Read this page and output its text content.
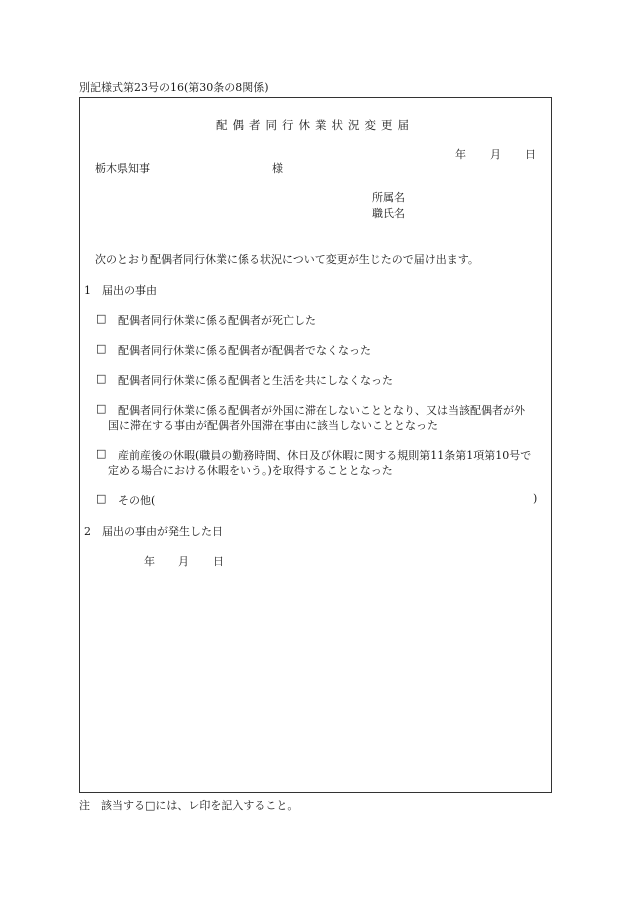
別記様式第23号の16(第30条の8関係)
配偶者同行休業状況変更届
年 月 日
栃木県知事	様
所属名
職氏名
次のとおり配偶者同行休業に係る状況について変更が生じたので届け出ます。
1　届出の事由
□ 配偶者同行休業に係る配偶者が死亡した
□ 配偶者同行休業に係る配偶者が配偶者でなくなった
□ 配偶者同行休業に係る配偶者と生活を共にしなくなった
□ 配偶者同行休業に係る配偶者が外国に滞在しないこととなり、又は当該配偶者が外
国に滞在する事由が配偶者外国滞在事由に該当しないこととなった
□ 産前産後の休暇(職員の勤務時間、休日及び休暇に関する規則第11条第1項第10号で
定める場合における休暇をいう。)を取得することとなった
□ その他(	)
2　届出の事由が発生した日
年 月 日
注　該当する□には、レ印を記入すること。
